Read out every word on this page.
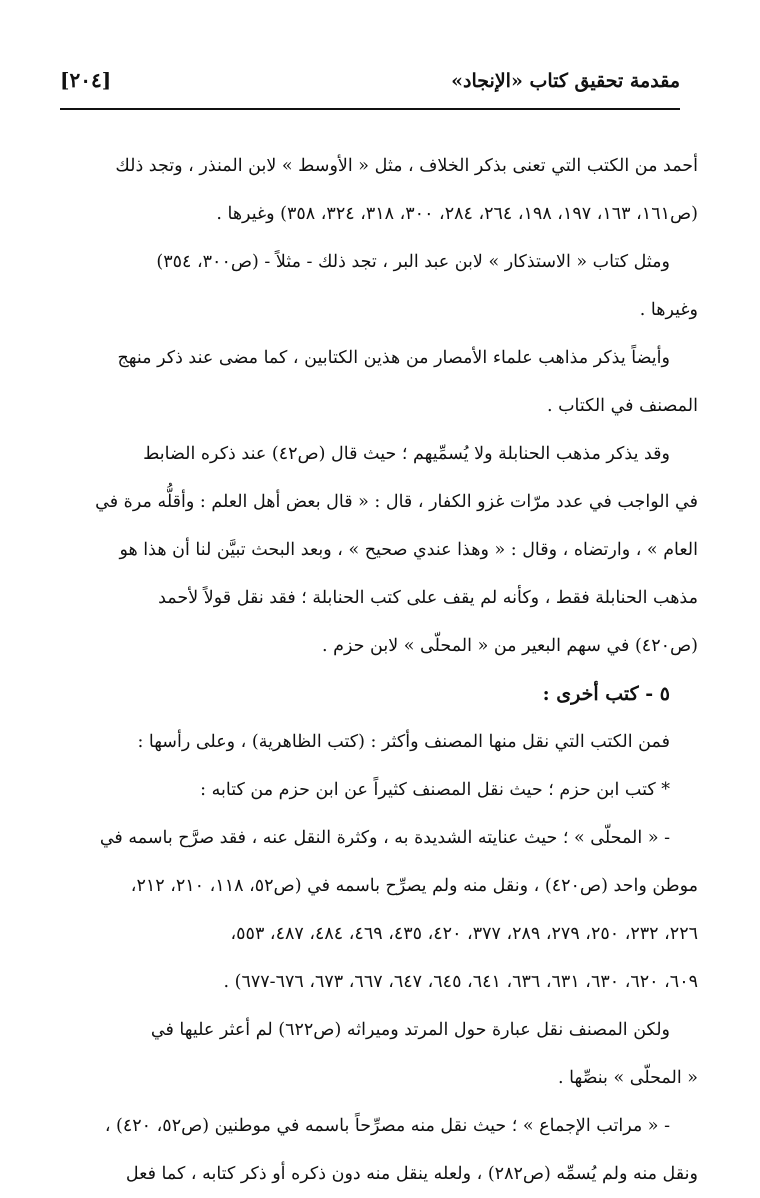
[٢٠٤]	مقدمة تحقيق كتاب «الإنجاد»
أحمد من الكتب التي تعنى بذكر الخلاف ، مثل « الأوسط » لابن المنذر ، وتجد ذلك
(ص١٦١، ١٦٣، ١٩٧، ١٩٨، ٢٦٤، ٢٨٤، ٣٠٠، ٣١٨، ٣٢٤، ٣٥٨) وغيرها .
ومثل كتاب « الاستذكار » لابن عبد البر ، تجد ذلك - مثلاً - (ص٣٠٠، ٣٥٤)
وغيرها .
وأيضاً يذكر مذاهب علماء الأمصار من هذين الكتابين ، كما مضى عند ذكر منهج
المصنف في الكتاب .
وقد يذكر مذهب الحنابلة ولا يُسمِّيهم ؛ حيث قال (ص٤٢) عند ذكره الضابط
في الواجب في عدد مرّات غزو الكفار ، قال : « قال بعض أهل العلم : وأقلُّه مرة في
العام » ، وارتضاه ، وقال : « وهذا عندي صحيح » ، وبعد البحث تبيَّن لنا أن هذا هو
مذهب الحنابلة فقط ، وكأنه لم يقف على كتب الحنابلة ؛ فقد نقل قولاً لأحمد
(ص٤٢٠) في سهم البعير من « المحلّى » لابن حزم .
٥ - كتب أخرى :
فمن الكتب التي نقل منها المصنف وأكثر : (كتب الظاهرية) ، وعلى رأسها :
* كتب ابن حزم ؛ حيث نقل المصنف كثيراً عن ابن حزم من كتابه :
- « المحلّى » ؛ حيث عنايته الشديدة به ، وكثرة النقل عنه ، فقد صرَّح باسمه في
موطن واحد (ص٤٢٠) ، ونقل منه ولم يصرِّح باسمه في (ص٥٢، ١١٨، ٢١٠، ٢١٢،
٢٢٦، ٢٣٢، ٢٥٠، ٢٧٩، ٢٨٩، ٣٧٧، ٤٢٠، ٤٣٥، ٤٦٩، ٤٨٤، ٤٨٧، ٥٥٣،
٦٠٩، ٦٢٠، ٦٣٠، ٦٣١، ٦٣٦، ٦٤١، ٦٤٥، ٦٤٧، ٦٦٧، ٦٧٣، ٦٧٦-٦٧٧) .
ولكن المصنف نقل عبارة حول المرتد وميراثه (ص٦٢٢) لم أعثر عليها في
« المحلّى » بنصِّها .
- « مراتب الإجماع » ؛ حيث نقل منه مصرِّحاً باسمه في موطنين (ص٥٢، ٤٢٠) ،
ونقل منه ولم يُسمِّه (ص٢٨٢) ، ولعله ينقل منه دون ذكره أو ذكر كتابه ، كما فعل
